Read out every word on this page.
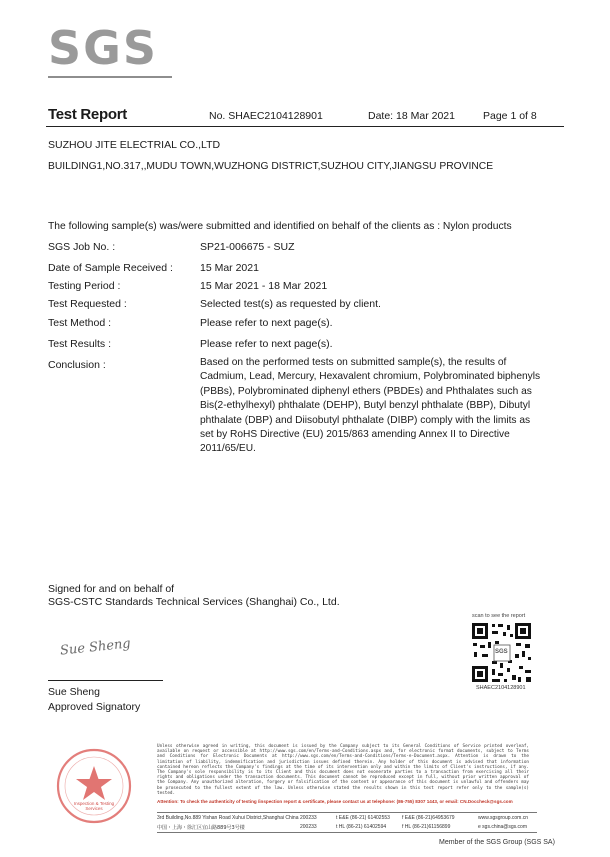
SGS
Test Report	No. SHAEC2104128901	Date: 18 Mar 2021	Page 1 of 8
SUZHOU JITE ELECTRIAL CO.,LTD
BUILDING1,NO.317,,MUDU TOWN,WUZHONG DISTRICT,SUZHOU CITY,JIANGSU PROVINCE
The following sample(s) was/were submitted and identified on behalf of the clients as : Nylon products
SGS Job No. :	SP21-006675 - SUZ
Date of Sample Received :	15 Mar 2021
Testing Period :	15 Mar 2021 - 18 Mar 2021
Test Requested :	Selected test(s) as requested by client.
Test Method :	Please refer to next page(s).
Test Results :	Please refer to next page(s).
Conclusion :	Based on the performed tests on submitted sample(s), the results of Cadmium, Lead, Mercury, Hexavalent chromium, Polybrominated biphenyls (PBBs), Polybrominated diphenyl ethers (PBDEs) and Phthalates such as Bis(2-ethylhexyl) phthalate (DEHP), Butyl benzyl phthalate (BBP), Dibutyl phthalate (DBP) and Diisobutyl phthalate (DIBP) comply with the limits as set by RoHS Directive (EU) 2015/863 amending Annex II to Directive 2011/65/EU.
Signed for and on behalf of
SGS-CSTC Standards Technical Services (Shanghai) Co., Ltd.
Sue Sheng
Sue Sheng
Approved Signatory
scan to see the report
SGS
SHAEC2104128901
Inspection & Testing Services
Unless otherwise agreed in writing, this document is issued by the Company subject to its General Conditions of Service printed overleaf, available on request or accessible at http://www.sgs.com/en/Terms-and-Conditions.aspx and, for electronic format documents, subject to Terms and Conditions for Electronic Documents at http://www.sgs.com/en/Terms-and-Conditions/Terms-e-Document.aspx. Attention is drawn to the limitation of liability, indemnification and jurisdiction issues defined therein. Any holder of this document is advised that information contained hereon reflects the Company's findings at the time of its intervention only and within the limits of Client's instructions, if any. The Company's sole responsibility is to its Client and this document does not exonerate parties to a transaction from exercising all their rights and obligations under the transaction documents. This document cannot be reproduced except in full, without prior written approval of the Company. Any unauthorized alteration, forgery or falsification of the content or appearance of this document is unlawful and offenders may be prosecuted to the fullest extent of the law. Unless otherwise stated the results shown in this test report refer only to the sample(s) tested.
Attention: To check the authenticity of testing /inspection report & certificate, please contact us at telephone: (86-755) 8307 1443, or email: CN.Doccheck@sgs.com
3rd Building,No.889 Yishan Road Xuhui District,Shanghai China 200233	t E&E (86-21) 61402553 f E&E (86-21)64953679	www.sgsgroup.com.cn
中国・上海・徐汇区宜山路889号3号楼	200233	t HL (86-21) 61402594	f HL (86-21)61156899	e sgs.china@sgs.com
Member of the SGS Group (SGS SA)
